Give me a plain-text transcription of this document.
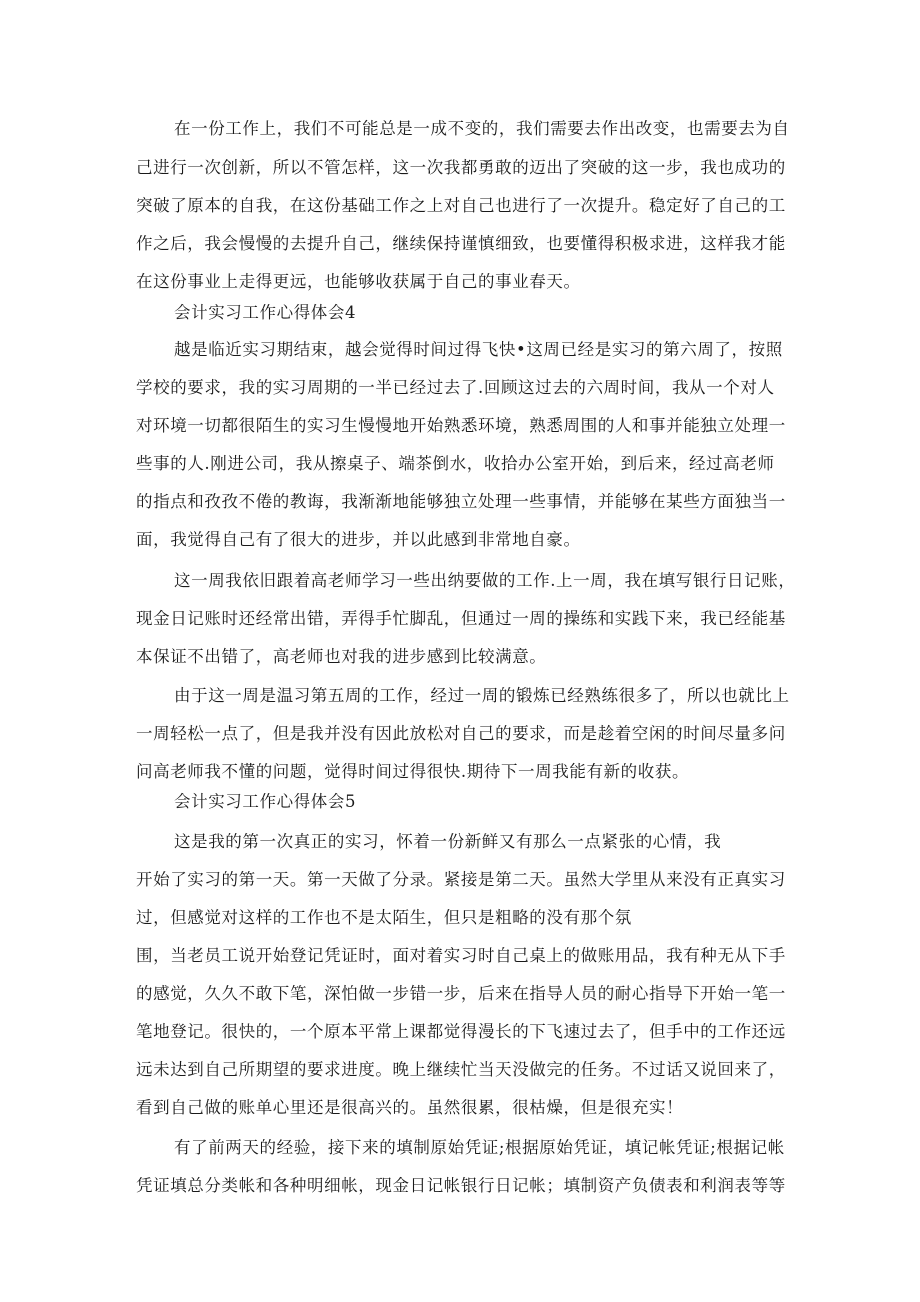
在一份工作上，我们不可能总是一成不变的，我们需要去作出改变，也需要去为自
己进行一次创新，所以不管怎样，这一次我都勇敢的迈出了突破的这一步，我也成功的
突破了原本的自我，在这份基础工作之上对自己也进行了一次提升。稳定好了自己的工
作之后，我会慢慢的去提升自己，继续保持谨慎细致，也要懂得积极求进，这样我才能
在这份事业上走得更远，也能够收获属于自己的事业春天。
会计实习工作心得体会4
越是临近实习期结束，越会觉得时间过得飞快•这周已经是实习的第六周了，按照
学校的要求，我的实习周期的一半已经过去了.回顾这过去的六周时间，我从一个对人
对环境一切都很陌生的实习生慢慢地开始熟悉环境，熟悉周围的人和事并能独立处理一
些事的人.刚进公司，我从擦桌子、端茶倒水，收拾办公室开始，到后来，经过高老师
的指点和孜孜不倦的教诲，我渐渐地能够独立处理一些事情，并能够在某些方面独当一
面，我觉得自己有了很大的进步，并以此感到非常地自豪。
这一周我依旧跟着高老师学习一些出纳要做的工作.上一周，我在填写银行日记账，
现金日记账时还经常出错，弄得手忙脚乱，但通过一周的操练和实践下来，我已经能基
本保证不出错了，高老师也对我的进步感到比较满意。
由于这一周是温习第五周的工作，经过一周的锻炼已经熟练很多了，所以也就比上
一周轻松一点了，但是我并没有因此放松对自己的要求，而是趁着空闲的时间尽量多问
问高老师我不懂的问题，觉得时间过得很快.期待下一周我能有新的收获。
会计实习工作心得体会5
这是我的第一次真正的实习，怀着一份新鲜又有那么一点紧张的心情，我
开始了实习的第一天。第一天做了分录。紧接是第二天。虽然大学里从来没有正真实习
过，但感觉对这样的工作也不是太陌生，但只是粗略的没有那个氛
围，当老员工说开始登记凭证时，面对着实习时自己桌上的做账用品，我有种无从下手
的感觉，久久不敢下笔，深怕做一步错一步，后来在指导人员的耐心指导下开始一笔一
笔地登记。很快的，一个原本平常上课都觉得漫长的下飞速过去了，但手中的工作还远
远未达到自己所期望的要求进度。晚上继续忙当天没做完的任务。不过话又说回来了，
看到自己做的账单心里还是很高兴的。虽然很累，很枯燥，但是很充实！
有了前两天的经验，接下来的填制原始凭证;根据原始凭证，填记帐凭证;根据记帐
凭证填总分类帐和各种明细帐，现金日记帐银行日记帐；填制资产负债表和利润表等等
